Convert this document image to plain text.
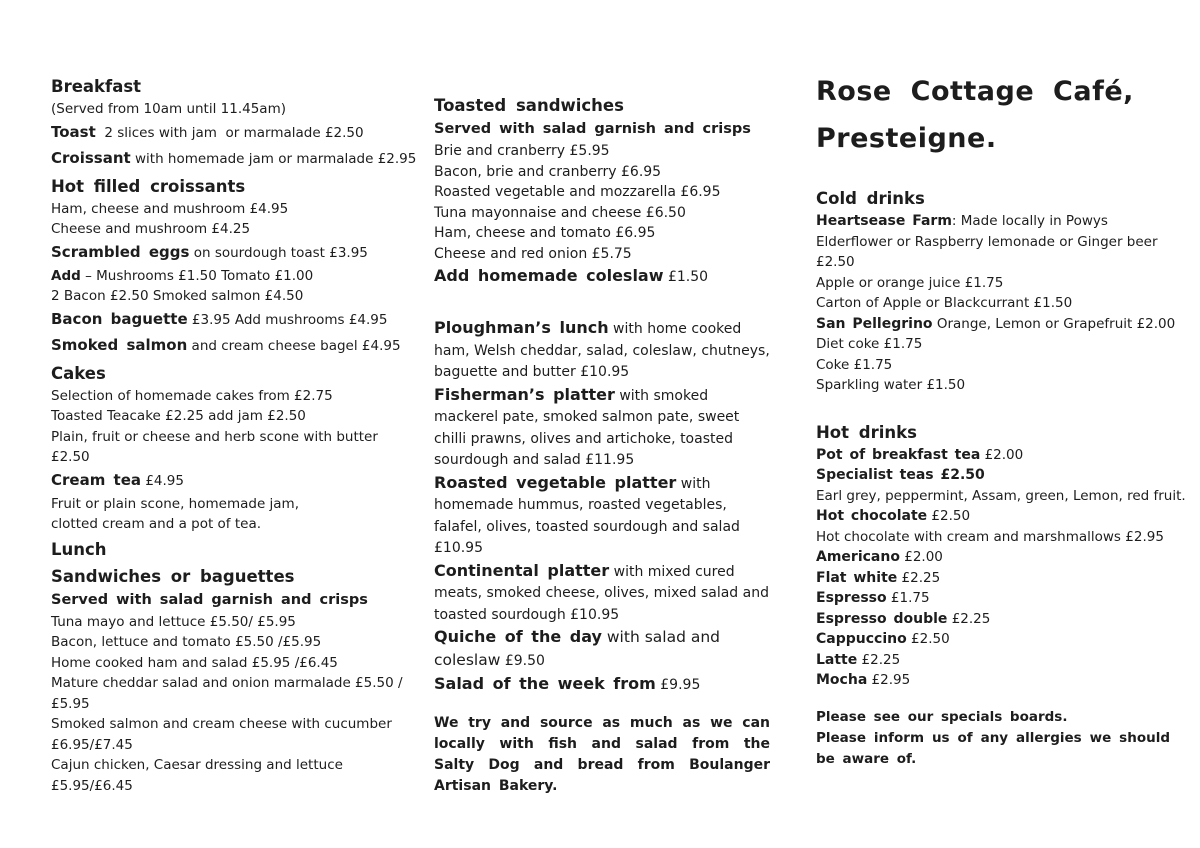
Breakfast
(Served from 10am until 11.45am)
Toast  2 slices with jam  or marmalade £2.50
Croissant with homemade jam or marmalade £2.95
Hot filled croissants
Ham, cheese and mushroom £4.95
Cheese and mushroom £4.25
Scrambled eggs on sourdough toast £3.95
Add – Mushrooms £1.50 Tomato £1.00
2 Bacon £2.50 Smoked salmon £4.50
Bacon baguette £3.95 Add mushrooms £4.95
Smoked salmon and cream cheese bagel £4.95
Cakes
Selection of homemade cakes from £2.75
Toasted Teacake £2.25 add jam £2.50
Plain, fruit or cheese and herb scone with butter
£2.50
Cream tea £4.95
Fruit or plain scone, homemade jam,
clotted cream and a pot of tea.
Lunch
Sandwiches or baguettes
Served with salad garnish and crisps
Tuna mayo and lettuce £5.50/ £5.95
Bacon, lettuce and tomato £5.50 /£5.95
Home cooked ham and salad £5.95 /£6.45
Mature cheddar salad and onion marmalade £5.50 /
£5.95
Smoked salmon and cream cheese with cucumber
£6.95/£7.45
Cajun chicken, Caesar dressing and lettuce
£5.95/£6.45
Toasted sandwiches
Served with salad garnish and crisps
Brie and cranberry £5.95
Bacon, brie and cranberry £6.95
Roasted vegetable and mozzarella £6.95
Tuna mayonnaise and cheese £6.50
Ham, cheese and tomato £6.95
Cheese and red onion £5.75
Add homemade coleslaw £1.50
Ploughman’s lunch with home cooked ham, Welsh cheddar, salad, coleslaw, chutneys,  baguette and butter £10.95
Fisherman’s platter with smoked mackerel pate, smoked salmon pate, sweet chilli prawns, olives and artichoke, toasted sourdough and salad £11.95
Roasted vegetable platter with homemade hummus, roasted vegetables, falafel, olives, toasted sourdough and salad £10.95
Continental platter with mixed cured  meats, smoked cheese, olives, mixed salad and toasted sourdough £10.95
Quiche of the day with salad and coleslaw £9.50
Salad of the week from £9.95
We try and source as much as we can locally with fish and salad from the Salty Dog and bread from Boulanger Artisan Bakery.
Rose Cottage Café,
Presteigne.
Cold drinks
Heartsease Farm: Made locally in Powys
Elderflower or Raspberry lemonade or Ginger beer
£2.50
Apple or orange juice £1.75
Carton of Apple or Blackcurrant £1.50
San Pellegrino Orange, Lemon or Grapefruit £2.00
Diet coke £1.75
Coke £1.75
Sparkling water £1.50
Hot drinks
Pot of breakfast tea £2.00
Specialist teas £2.50
Earl grey, peppermint, Assam, green, Lemon, red fruit.
Hot chocolate £2.50
Hot chocolate with cream and marshmallows £2.95
Americano £2.00
Flat white £2.25
Espresso £1.75
Espresso double £2.25
Cappuccino £2.50
Latte £2.25
Mocha £2.95
Please see our specials boards.
Please inform us of any allergies we should be aware of.
